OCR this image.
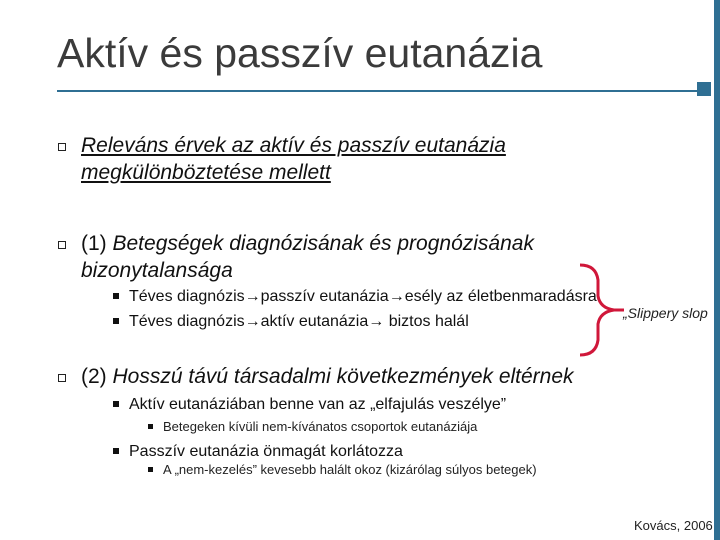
Aktív és passzív eutanázia
Releváns érvek az aktív és passzív eutanázia
megkülönböztetése mellett
(1) Betegségek diagnózisának és prognózisának
bizonytalansága
Téves diagnózis→passzív eutanázia→esély az életbenmaradásra
Téves diagnózis→aktív eutanázia→ biztos halál	„Slippery slop
(2) Hosszú távú társadalmi következmények eltérnek
Aktív eutanáziában benne van az „elfajulás veszélye”
Betegeken kívüli nem-kívánatos csoportok eutanáziája
Passzív eutanázia önmagát korlátozza
A „nem-kezelés” kevesebb halált okoz (kizárólag súlyos betegek)
Kovács, 2006
